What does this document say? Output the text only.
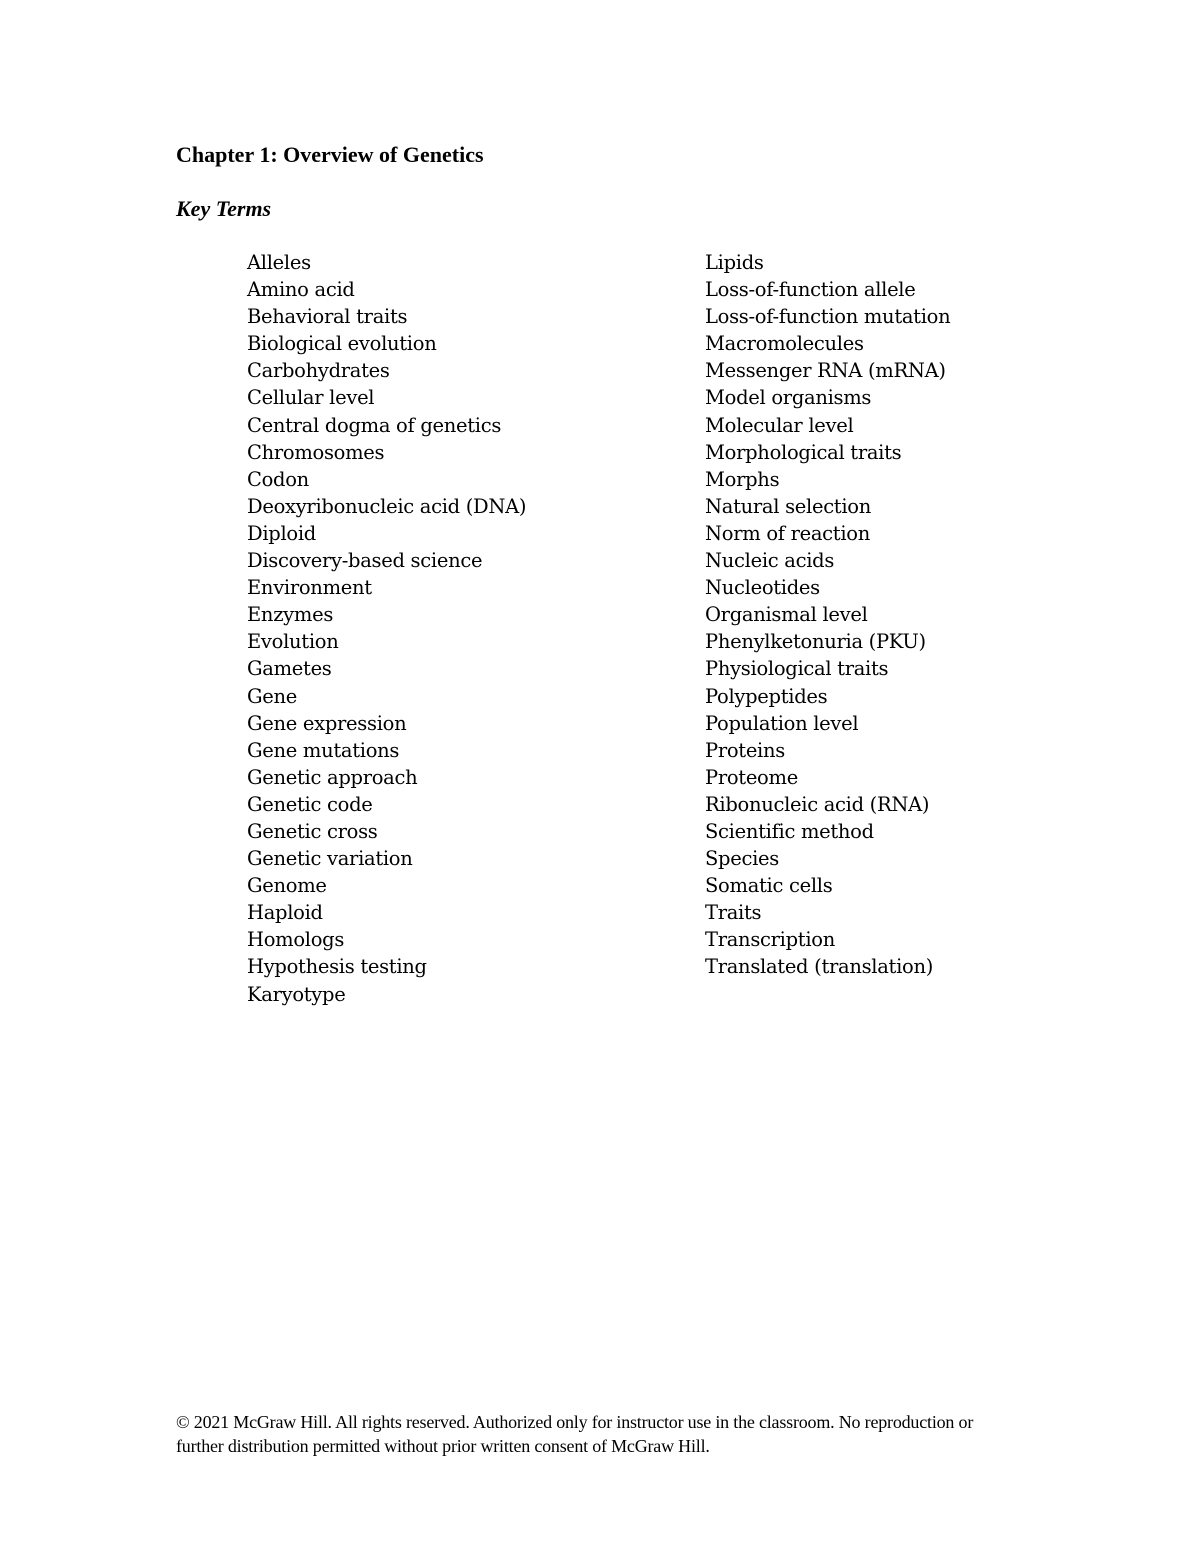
Chapter 1: Overview of Genetics
Key Terms
Alleles
Amino acid
Behavioral traits
Biological evolution
Carbohydrates
Cellular level
Central dogma of genetics
Chromosomes
Codon
Deoxyribonucleic acid (DNA)
Diploid
Discovery-based science
Environment
Enzymes
Evolution
Gametes
Gene
Gene expression
Gene mutations
Genetic approach
Genetic code
Genetic cross
Genetic variation
Genome
Haploid
Homologs
Hypothesis testing
Karyotype
Lipids
Loss-of-function allele
Loss-of-function mutation
Macromolecules
Messenger RNA (mRNA)
Model organisms
Molecular level
Morphological traits
Morphs
Natural selection
Norm of reaction
Nucleic acids
Nucleotides
Organismal level
Phenylketonuria (PKU)
Physiological traits
Polypeptides
Population level
Proteins
Proteome
Ribonucleic acid (RNA)
Scientific method
Species
Somatic cells
Traits
Transcription
Translated (translation)

© 2021 McGraw Hill. All rights reserved. Authorized only for instructor use in the classroom. No reproduction or further distribution permitted without prior written consent of McGraw Hill.
